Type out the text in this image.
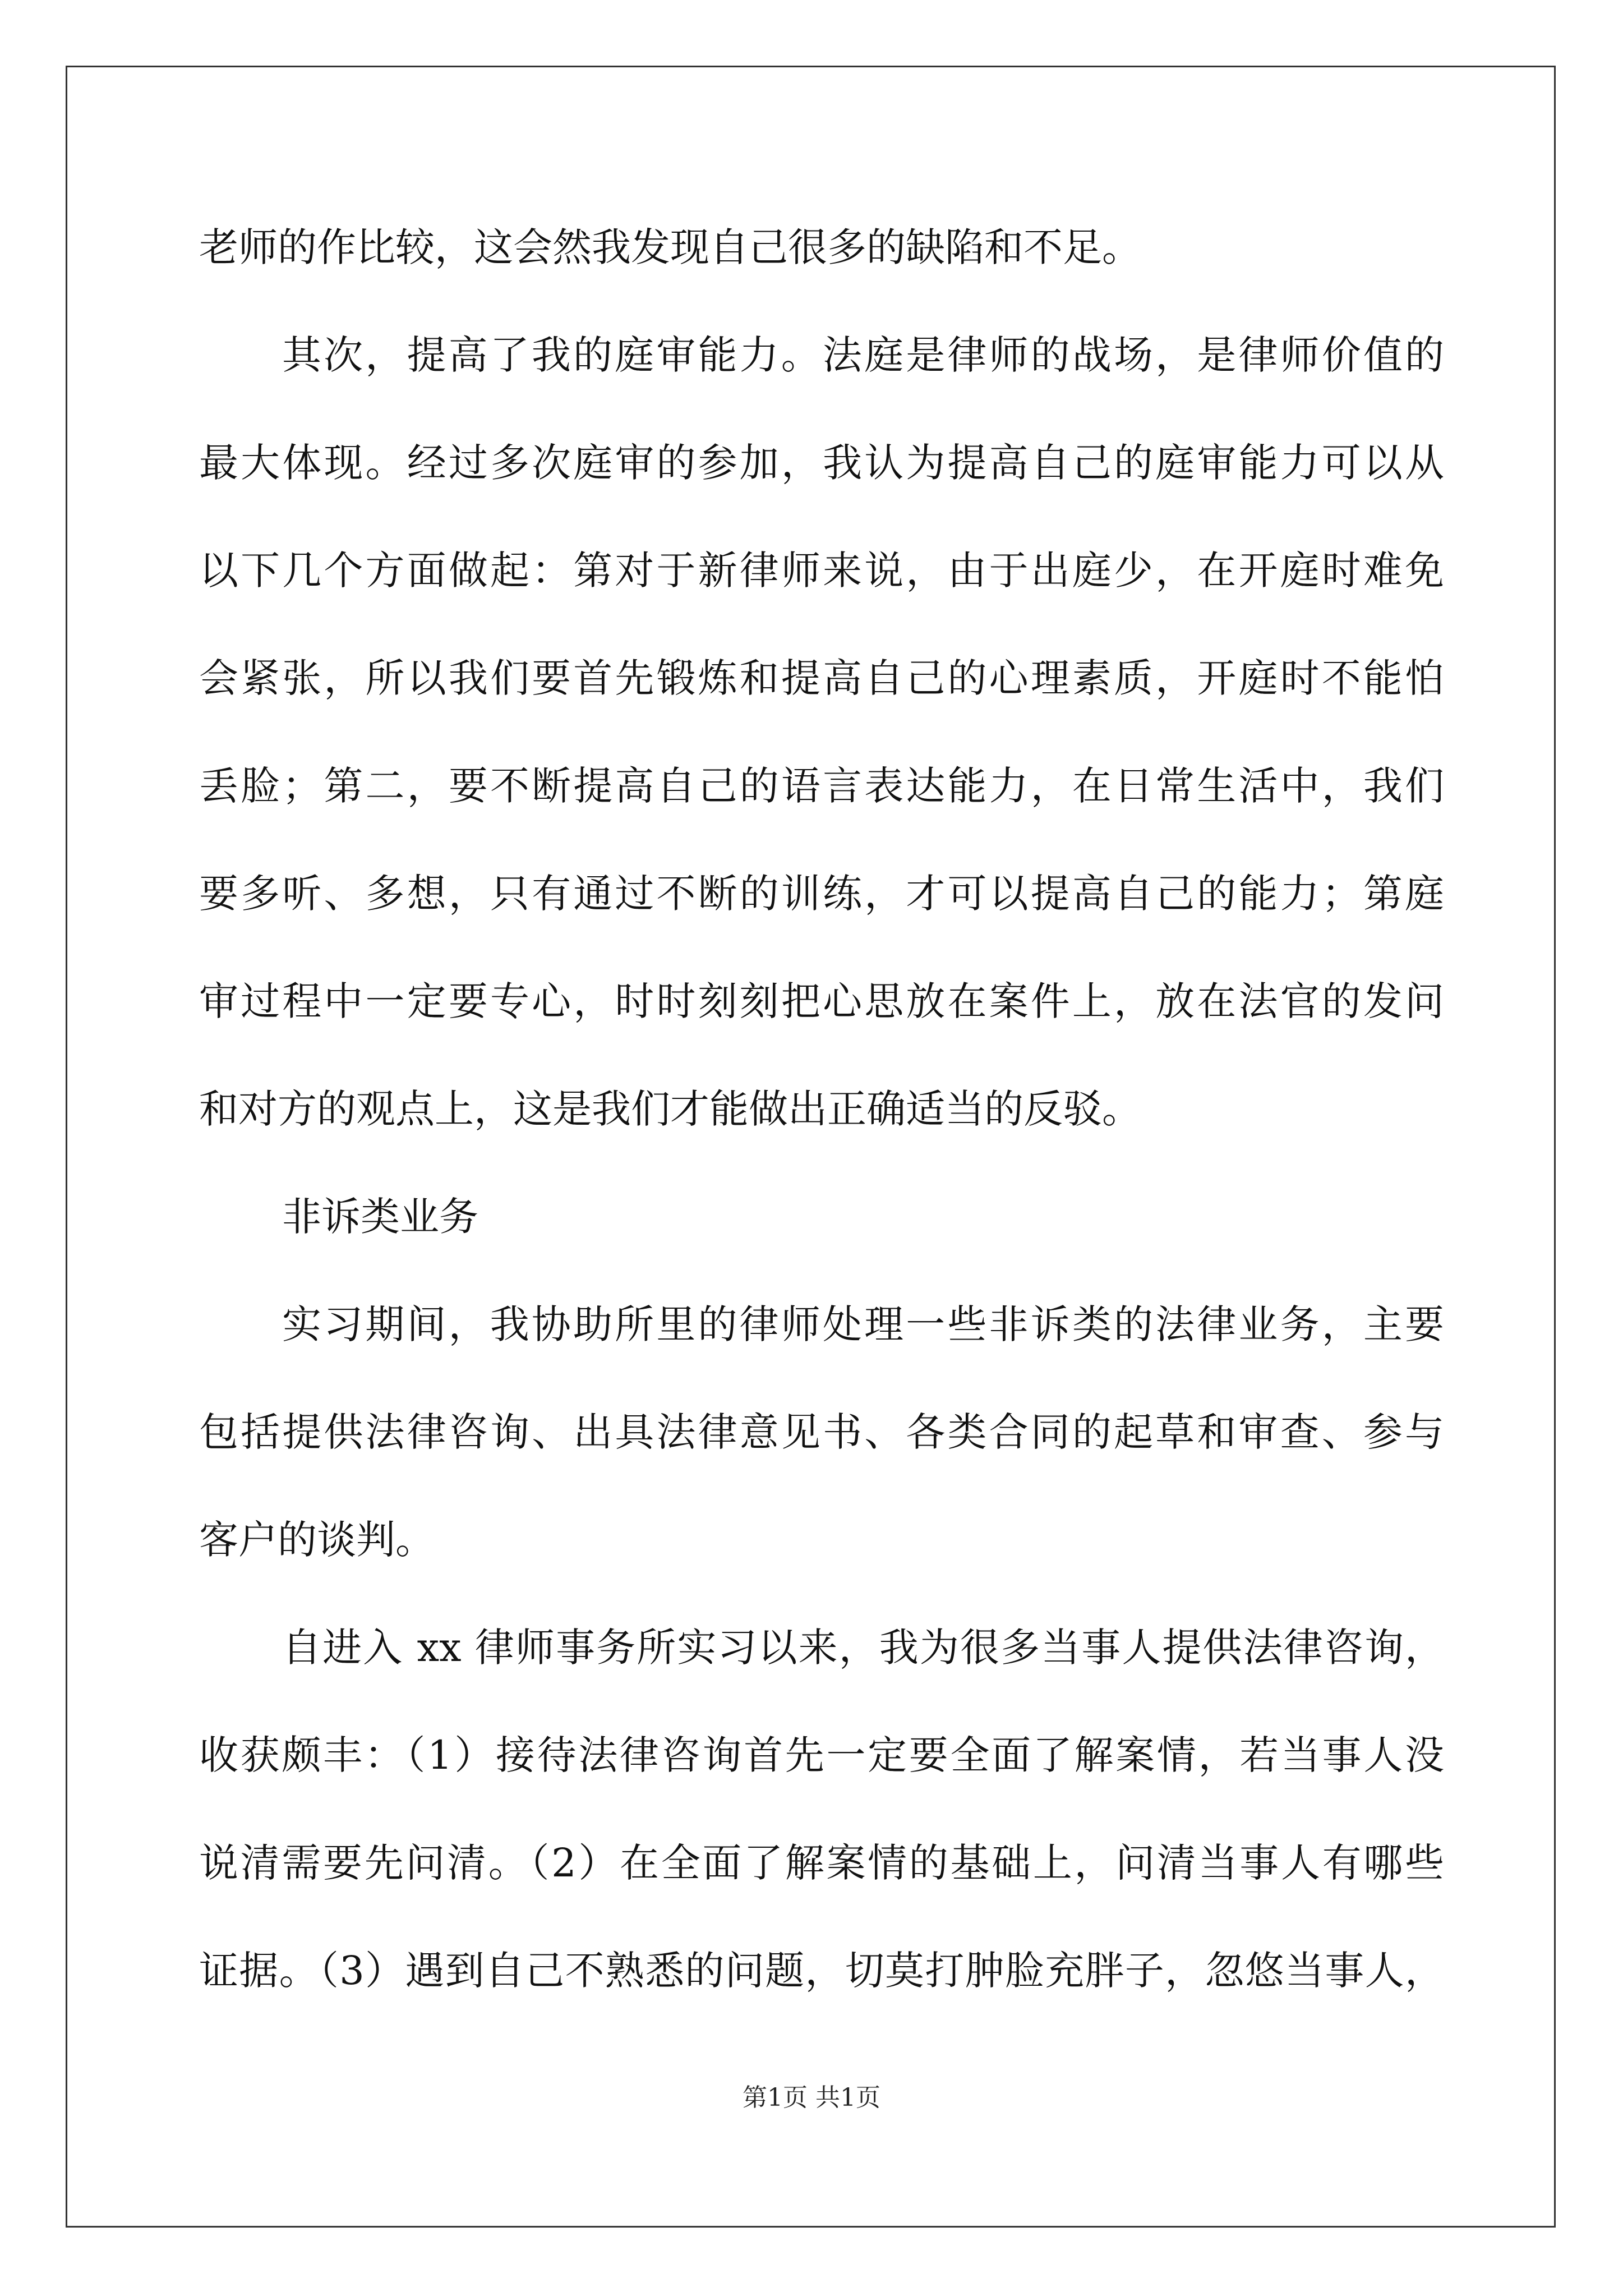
老师的作比较，这会然我发现自己很多的缺陷和不足。
其次，提高了我的庭审能力。法庭是律师的战场，是律师价值的
最大体现。经过多次庭审的参加，我认为提高自己的庭审能力可以从
以下几个方面做起：第对于新律师来说，由于出庭少，在开庭时难免
会紧张，所以我们要首先锻炼和提高自己的心理素质，开庭时不能怕
丢脸；第二，要不断提高自己的语言表达能力，在日常生活中，我们
要多听、多想，只有通过不断的训练，才可以提高自己的能力；第庭
审过程中一定要专心，时时刻刻把心思放在案件上，放在法官的发问
和对方的观点上，这是我们才能做出正确适当的反驳。
非诉类业务
实习期间，我协助所里的律师处理一些非诉类的法律业务，主要
包括提供法律咨询、出具法律意见书、各类合同的起草和审查、参与
客户的谈判。
自进入 xx 律师事务所实习以来，我为很多当事人提供法律咨询，
收获颇丰：（1）接待法律咨询首先一定要全面了解案情，若当事人没
说清需要先问清。（2）在全面了解案情的基础上，问清当事人有哪些
证据。（3）遇到自己不熟悉的问题，切莫打肿脸充胖子，忽悠当事人，
第1页 共1页
